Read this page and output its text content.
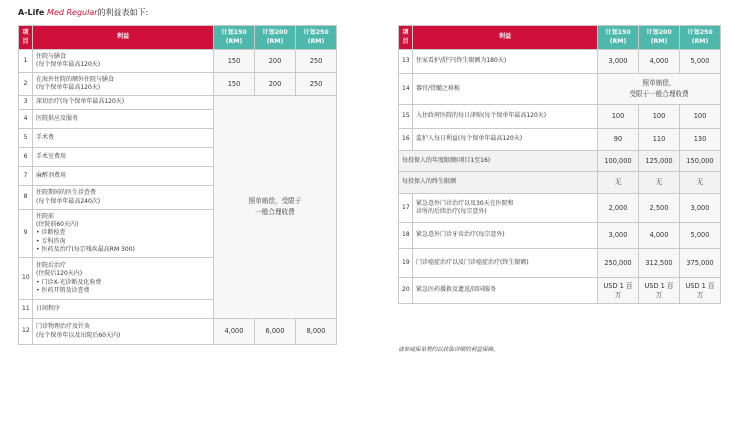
A-Life Med Regular的利益表如下:
项目	利益	计划150 (RM)	计划200 (RM)	计划250 (RM)
1	住院与膳食
(每个保单年最高120天)	150	200	250
2	在海外住院的额外住院与膳食
(每个保单年最高120天)	150	200	250
3	深切治疗(每个保单年最高120天)	照单赔偿，受限于
一般合理收费		
4	医院供应及服务			
5	手术费			
6	手术室费用			
7	麻醉剂费用			
8	住院期间的医生诊查费
(每个保单年最高240次)			
9	住院前
(住院前60天内)
• 诊断检查
• 专科咨询
• 医药及治疗(每宗残疾最高RM 300)			
10	住院后治疗
(住院后120天内)
• 门诊X-光诊断及化验费
• 医药开销及诊查费			
11	日间程序			
12	门诊物理治疗及针灸
(每个保单年以及出院后60天内)	4,000	6,000	8,000
项目	利益	计划150 (RM)	计划200 (RM)	计划250 (RM)
13	住家看护/舒宁(终生限额为180天)	3,000	4,000	5,000
14	器官/骨髓之移植	照单赔偿，
受限于一般合理收费		
15	入住政府医院的每日津贴(每个保单年最高120天)	100	100	100
16	监护人每日利益(每个保单年最高120天)	90	110	130
每投保人的年度限额(项目1至16)		100,000	125,000	150,000
每投保人的终生限额		无	无	无
17	紧急意外门诊治疗以及30天在医院和
诊所的后续治疗(每宗意外)	2,000	2,500	3,000
18	紧急意外门诊牙齿治疗(每宗意外)	3,000	4,000	5,000
19	门诊癌症治疗以及门诊癌症治疗(终生限额)	250,000	312,500	375,000
20	紧急医药援救及遗返/回国服务	USD 1 百万	USD 1 百万	USD 1 百万
请参阅保单契约以获取详细的利益保障。
